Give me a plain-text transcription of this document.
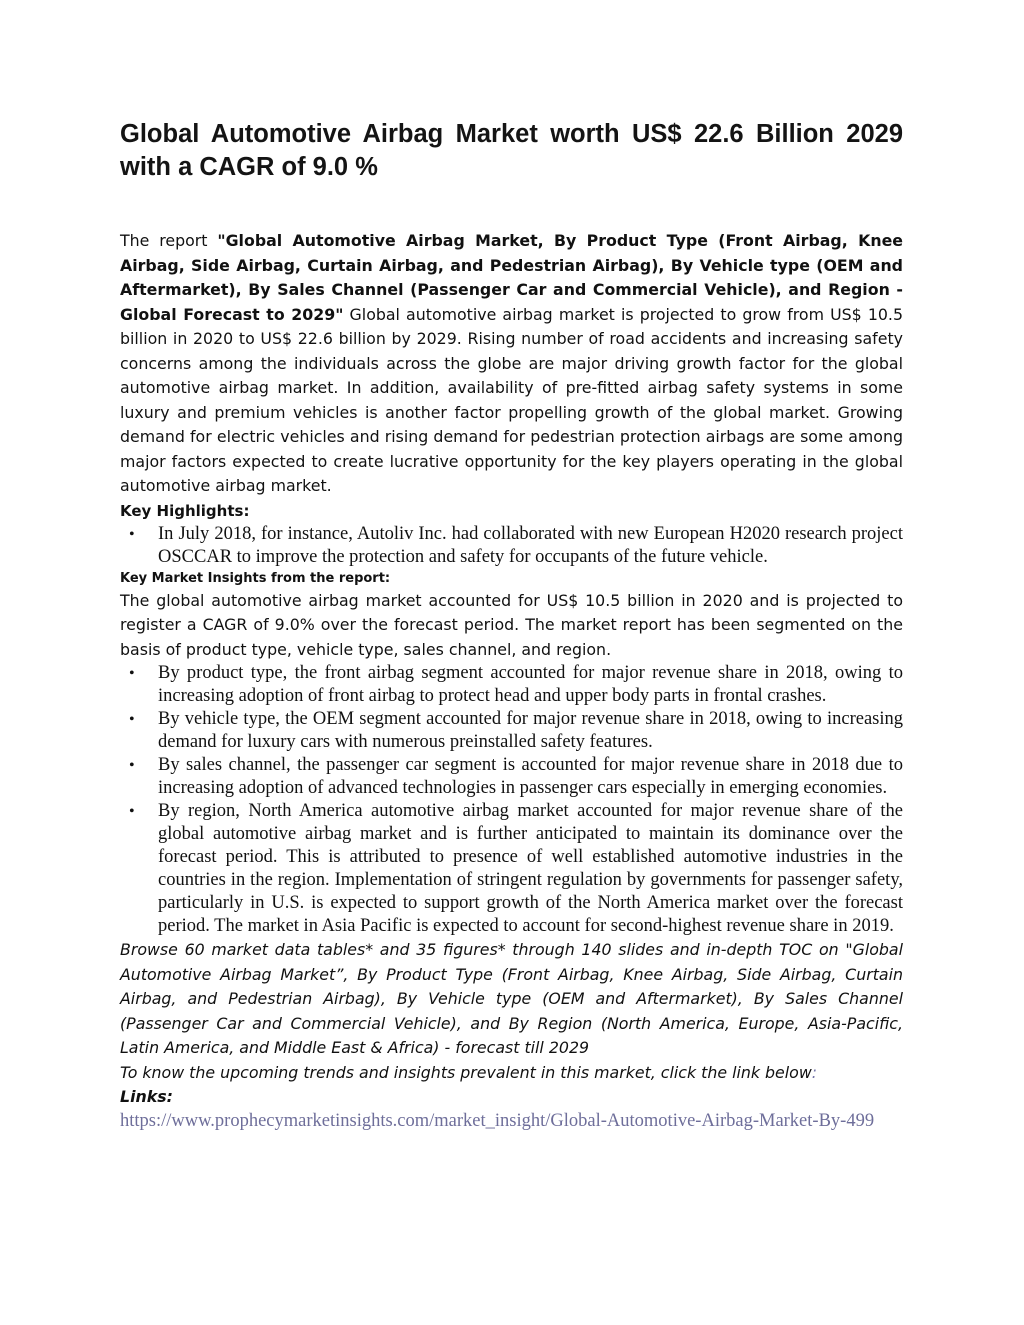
Global Automotive Airbag Market worth US$ 22.6 Billion 2029 with a CAGR of 9.0 %

The report "Global Automotive Airbag Market, By Product Type (Front Airbag, Knee Airbag, Side Airbag, Curtain Airbag, and Pedestrian Airbag), By Vehicle type (OEM and Aftermarket), By Sales Channel (Passenger Car and Commercial Vehicle), and Region - Global Forecast to 2029" Global automotive airbag market is projected to grow from US$ 10.5 billion in 2020 to US$ 22.6 billion by 2029. Rising number of road accidents and increasing safety concerns among the individuals across the globe are major driving growth factor for the global automotive airbag market. In addition, availability of pre-fitted airbag safety systems in some luxury and premium vehicles is another factor propelling growth of the global market. Growing demand for electric vehicles and rising demand for pedestrian protection airbags are some among major factors expected to create lucrative opportunity for the key players operating in the global automotive airbag market.

Key Highlights:

• In July 2018, for instance, Autoliv Inc. had collaborated with new European H2020 research project OSCCAR to improve the protection and safety for occupants of the future vehicle.

Key Market Insights from the report:

The global automotive airbag market accounted for US$ 10.5 billion in 2020 and is projected to register a CAGR of 9.0% over the forecast period. The market report has been segmented on the basis of product type, vehicle type, sales channel, and region.

• By product type, the front airbag segment accounted for major revenue share in 2018, owing to increasing adoption of front airbag to protect head and upper body parts in frontal crashes.
• By vehicle type, the OEM segment accounted for major revenue share in 2018, owing to increasing demand for luxury cars with numerous preinstalled safety features.
• By sales channel, the passenger car segment is accounted for major revenue share in 2018 due to increasing adoption of advanced technologies in passenger cars especially in emerging economies.
• By region, North America automotive airbag market accounted for major revenue share of the global automotive airbag market and is further anticipated to maintain its dominance over the forecast period. This is attributed to presence of well established automotive industries in the countries in the region. Implementation of stringent regulation by governments for passenger safety, particularly in U.S. is expected to support growth of the North America market over the forecast period. The market in Asia Pacific is expected to account for second-highest revenue share in 2019.

Browse 60 market data tables* and 35 figures* through 140 slides and in-depth TOC on "Global Automotive Airbag Market”, By Product Type (Front Airbag, Knee Airbag, Side Airbag, Curtain Airbag, and Pedestrian Airbag), By Vehicle type (OEM and Aftermarket), By Sales Channel (Passenger Car and Commercial Vehicle), and By Region (North America, Europe, Asia-Pacific, Latin America, and Middle East & Africa) - forecast till 2029

To know the upcoming trends and insights prevalent in this market, click the link below:

Links:

https://www.prophecymarketinsights.com/market_insight/Global-Automotive-Airbag-Market-By-499
